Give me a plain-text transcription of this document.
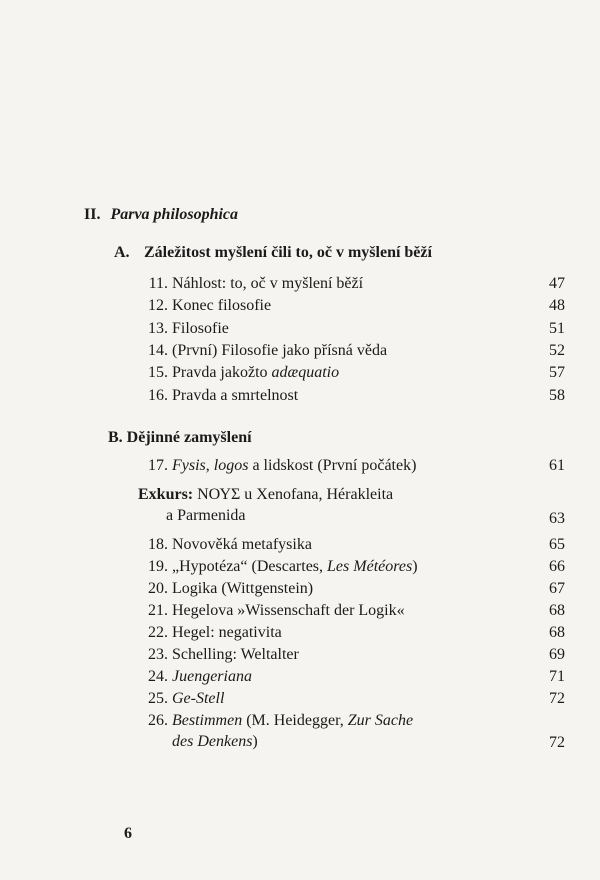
II. Parva philosophica
A. Záležitost myšlení čili to, oč v myšlení běží
11. Náhlost: to, oč v myšlení běží	47
12. Konec filosofie	48
13. Filosofie	51
14. (První) Filosofie jako přísná věda	52
15. Pravda jakožto adæquatio	57
16. Pravda a smrtelnost	58
B. Dějinné zamyšlení
17. Fysis, logos a lidskost (První počátek)	61
Exkurs: ΝΟΥΣ u Xenofana, Hérakleita
a Parmenida	63
18. Novověká metafysika	65
19. „Hypotéza“ (Descartes, Les Météores)	66
20. Logika (Wittgenstein)	67
21. Hegelova »Wissenschaft der Logik«	68
22. Hegel: negativita	68
23. Schelling: Weltalter	69
24. Juengeriana	71
25. Ge-Stell	72
26. Bestimmen (M. Heidegger, Zur Sache
des Denkens)	72
6
